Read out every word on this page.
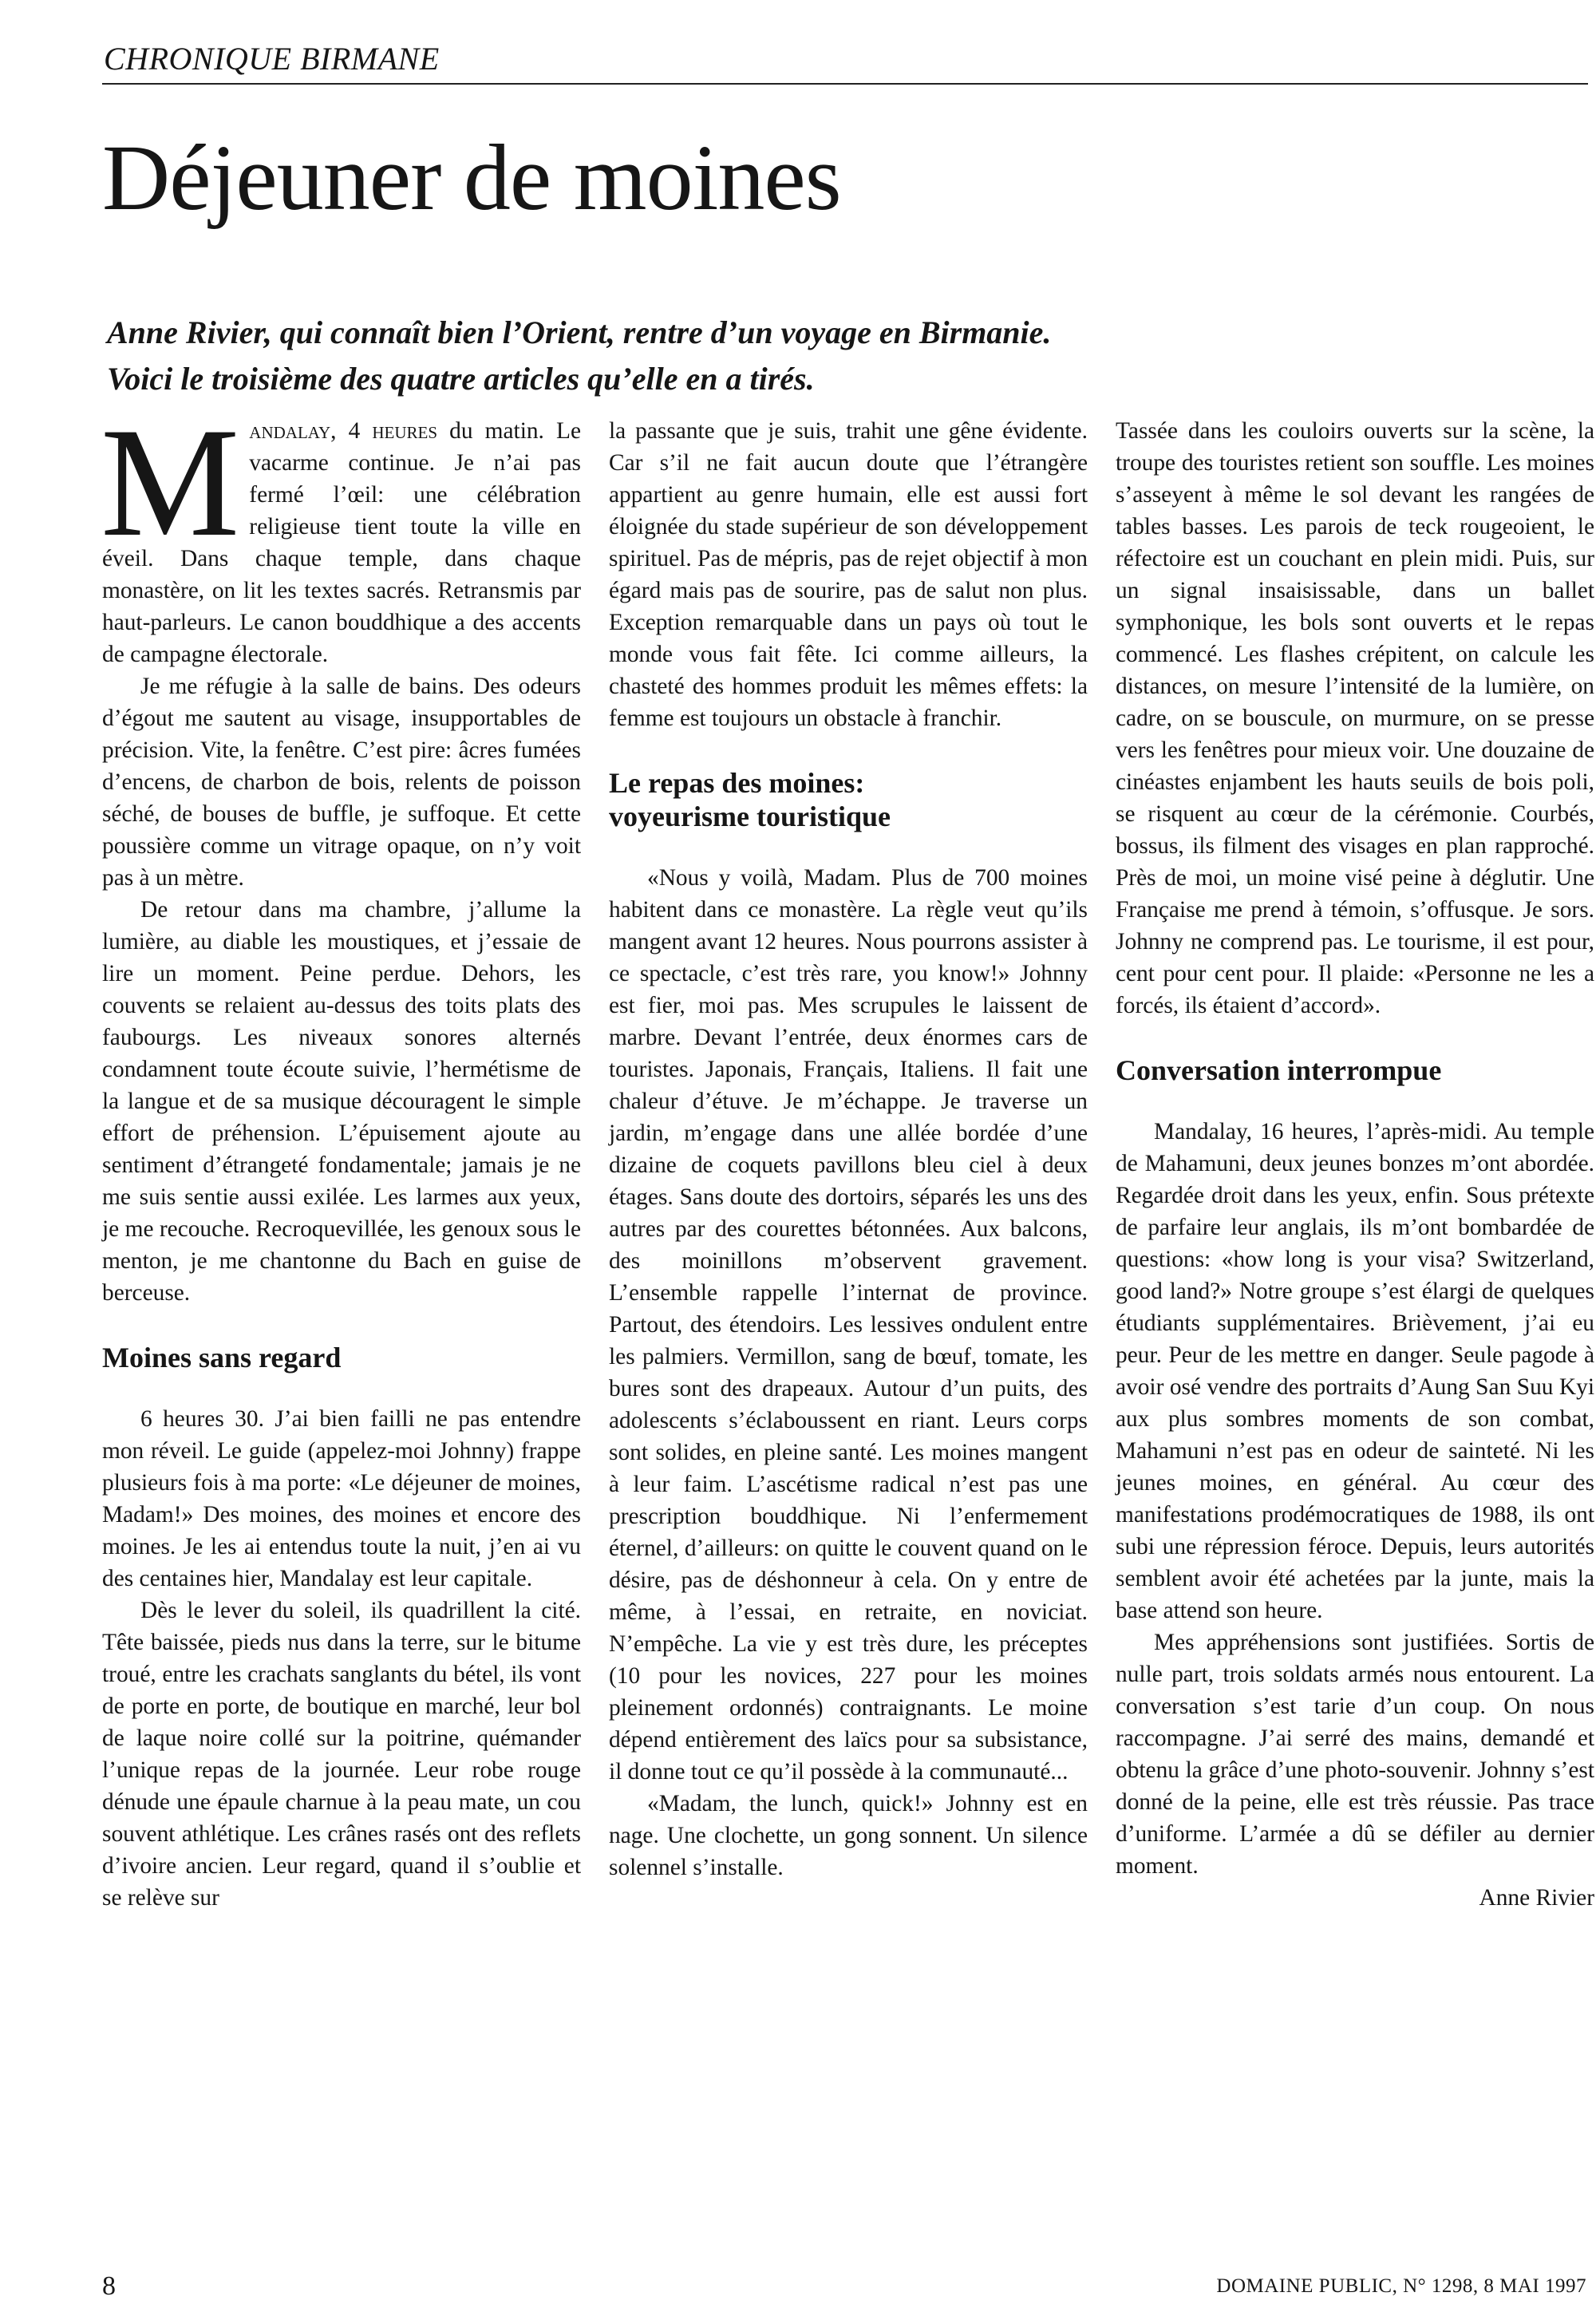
CHRONIQUE BIRMANE
Déjeuner de moines

Anne Rivier, qui connaît bien l’Orient, rentre d’un voyage en Birmanie.

Voici le troisième des quatre articles qu’elle en a tirés.

Mandalay, 4 heures du matin. Le vacarme continue. Je n’ai pas fermé l’œil: une célébration religieuse tient toute la ville en éveil. Dans chaque temple, dans chaque monastère, on lit les textes sacrés. Retransmis par haut-parleurs. Le canon bouddhique a des accents de campagne électorale.

Je me réfugie à la salle de bains. Des odeurs d’égout me sautent au visage, insupportables de précision. Vite, la fenêtre. C’est pire: âcres fumées d’encens, de charbon de bois, relents de poisson séché, de bouses de buffle, je suffoque. Et cette poussière comme un vitrage opaque, on n’y voit pas à un mètre.

De retour dans ma chambre, j’allume la lumière, au diable les moustiques, et j’essaie de lire un moment. Peine perdue. Dehors, les couvents se relaient au-dessus des toits plats des faubourgs. Les niveaux sonores alternés condamnent toute écoute suivie, l’hermétisme de la langue et de sa musique découragent le simple effort de préhension. L’épuisement ajoute au sentiment d’étrangeté fondamentale; jamais je ne me suis sentie aussi exilée. Les larmes aux yeux, je me recouche. Recroquevillée, les genoux sous le menton, je me chantonne du Bach en guise de berceuse.

Moines sans regard

6 heures 30. J’ai bien failli ne pas entendre mon réveil. Le guide (appelez-moi Johnny) frappe plusieurs fois à ma porte: «Le déjeuner de moines, Madam!» Des moines, des moines et encore des moines. Je les ai entendus toute la nuit, j’en ai vu des centaines hier, Mandalay est leur capitale.

Dès le lever du soleil, ils quadrillent la cité. Tête baissée, pieds nus dans la terre, sur le bitume troué, entre les crachats sanglants du bétel, ils vont de porte en porte, de boutique en marché, leur bol de laque noire collé sur la poitrine, quémander l’unique repas de la journée. Leur robe rouge dénude une épaule charnue à la peau mate, un cou souvent athlétique. Les crânes rasés ont des reflets d’ivoire ancien. Leur regard, quand il s’oublie et se relève sur

la passante que je suis, trahit une gêne évidente. Car s’il ne fait aucun doute que l’étrangère appartient au genre humain, elle est aussi fort éloignée du stade supérieur de son développement spirituel. Pas de mépris, pas de rejet objectif à mon égard mais pas de sourire, pas de salut non plus. Exception remarquable dans un pays où tout le monde vous fait fête. Ici comme ailleurs, la chasteté des hommes produit les mêmes effets: la femme est toujours un obstacle à franchir.

Le repas des moines:
voyeurisme touristique

«Nous y voilà, Madam. Plus de 700 moines habitent dans ce monastère. La règle veut qu’ils mangent avant 12 heures. Nous pourrons assister à ce spectacle, c’est très rare, you know!» Johnny est fier, moi pas. Mes scrupules le laissent de marbre. Devant l’entrée, deux énormes cars de touristes. Japonais, Français, Italiens. Il fait une chaleur d’étuve. Je m’échappe. Je traverse un jardin, m’engage dans une allée bordée d’une dizaine de coquets pavillons bleu ciel à deux étages. Sans doute des dortoirs, séparés les uns des autres par des courettes bétonnées. Aux balcons, des moinillons m’observent gravement. L’ensemble rappelle l’internat de province. Partout, des étendoirs. Les lessives ondulent entre les palmiers. Vermillon, sang de bœuf, tomate, les bures sont des drapeaux. Autour d’un puits, des adolescents s’éclaboussent en riant. Leurs corps sont solides, en pleine santé. Les moines mangent à leur faim. L’ascétisme radical n’est pas une prescription bouddhique. Ni l’enfermement éternel, d’ailleurs: on quitte le couvent quand on le désire, pas de déshonneur à cela. On y entre de même, à l’essai, en retraite, en noviciat. N’empêche. La vie y est très dure, les préceptes (10 pour les novices, 227 pour les moines pleinement ordonnés) contraignants. Le moine dépend entièrement des laïcs pour sa subsistance, il donne tout ce qu’il possède à la communauté...

«Madam, the lunch, quick!» Johnny est en nage. Une clochette, un gong sonnent. Un silence solennel s’installe.

Tassée dans les couloirs ouverts sur la scène, la troupe des touristes retient son souffle. Les moines s’asseyent à même le sol devant les rangées de tables basses. Les parois de teck rougeoient, le réfectoire est un couchant en plein midi. Puis, sur un signal insaisissable, dans un ballet symphonique, les bols sont ouverts et le repas commencé. Les flashes crépitent, on calcule les distances, on mesure l’intensité de la lumière, on cadre, on se bouscule, on murmure, on se presse vers les fenêtres pour mieux voir. Une douzaine de cinéastes enjambent les hauts seuils de bois poli, se risquent au cœur de la cérémonie. Courbés, bossus, ils filment des visages en plan rapproché. Près de moi, un moine visé peine à déglutir. Une Française me prend à témoin, s’offusque. Je sors. Johnny ne comprend pas. Le tourisme, il est pour, cent pour cent pour. Il plaide: «Personne ne les a forcés, ils étaient d’accord».

Conversation interrompue

Mandalay, 16 heures, l’après-midi. Au temple de Mahamuni, deux jeunes bonzes m’ont abordée. Regardée droit dans les yeux, enfin. Sous prétexte de parfaire leur anglais, ils m’ont bombardée de questions: «how long is your visa? Switzerland, good land?» Notre groupe s’est élargi de quelques étudiants supplémentaires. Brièvement, j’ai eu peur. Peur de les mettre en danger. Seule pagode à avoir osé vendre des portraits d’Aung San Suu Kyi aux plus sombres moments de son combat, Mahamuni n’est pas en odeur de sainteté. Ni les jeunes moines, en général. Au cœur des manifestations prodémocratiques de 1988, ils ont subi une répression féroce. Depuis, leurs autorités semblent avoir été achetées par la junte, mais la base attend son heure.

Mes appréhensions sont justifiées. Sortis de nulle part, trois soldats armés nous entourent. La conversation s’est tarie d’un coup. On nous raccompagne. J’ai serré des mains, demandé et obtenu la grâce d’une photo-souvenir. Johnny s’est donné de la peine, elle est très réussie. Pas trace d’uniforme. L’armée a dû se défiler au dernier moment.

Anne Rivier

8	DOMAINE PUBLIC, N° 1298, 8 MAI 1997
